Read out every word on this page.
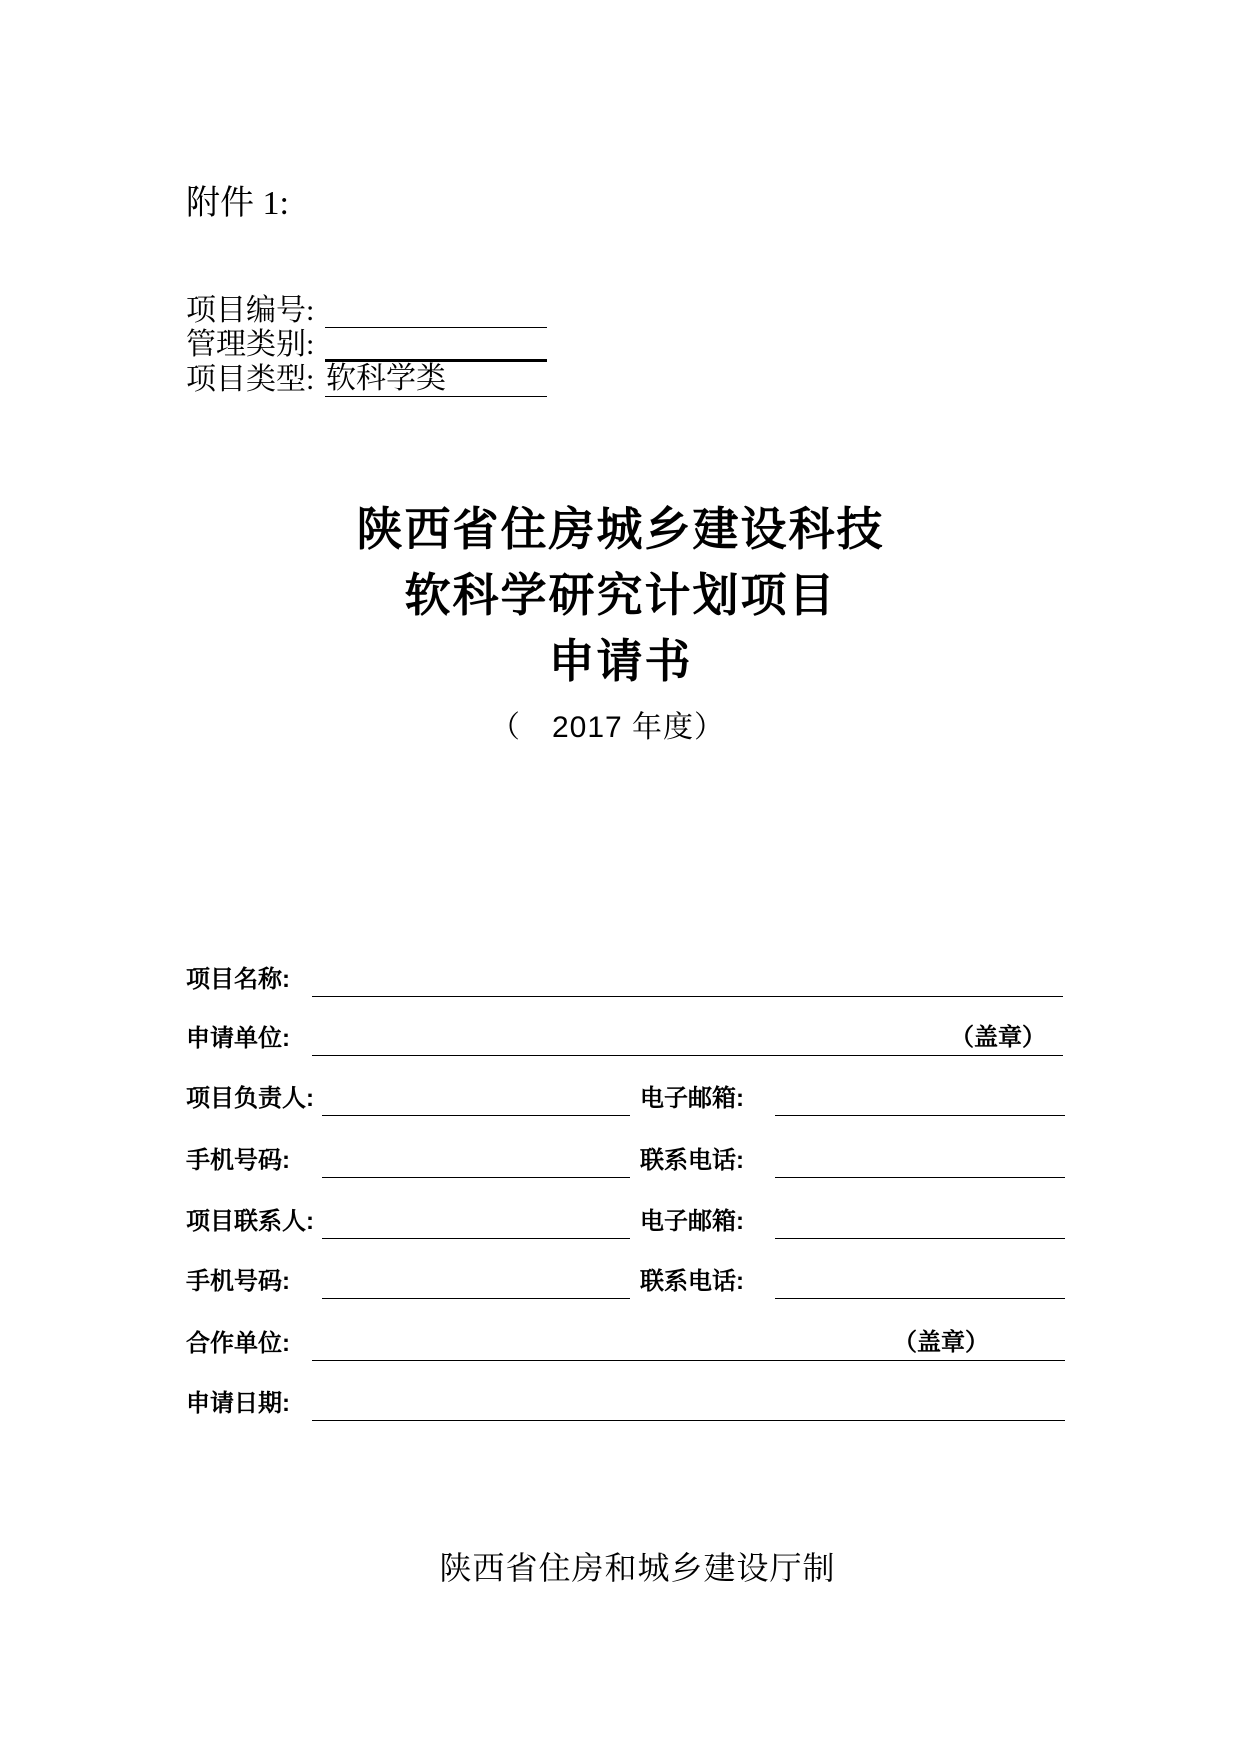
附件 1:
项目编号:
管理类别:
项目类型: 软科学类
陕西省住房城乡建设科技
软科学研究计划项目
申请书
（　2017 年度）
项目名称:
申请单位:	（盖章）
项目负责人:	电子邮箱:
手机号码:	联系电话:
项目联系人:	电子邮箱:
手机号码:	联系电话:
合作单位:	（盖章）
申请日期:
陕西省住房和城乡建设厅制
